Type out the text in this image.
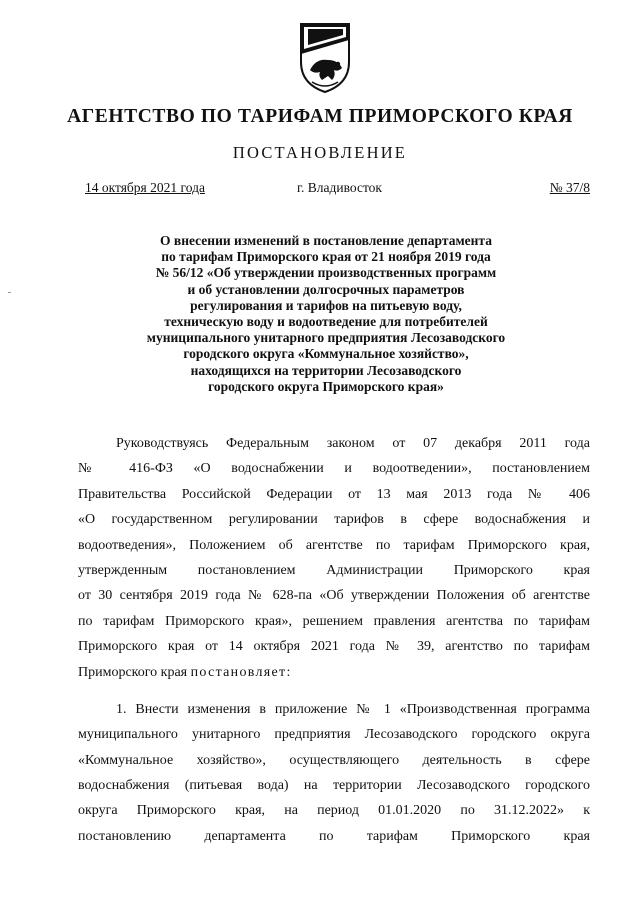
АГЕНТСТВО ПО ТАРИФАМ ПРИМОРСКОГО КРАЯ
ПОСТАНОВЛЕНИЕ
14 октября 2021 года	г. Владивосток	№ 37/8
О внесении изменений в постановление департамента
по тарифам Приморского края от 21 ноября 2019 года
№ 56/12 «Об утверждении производственных программ
и об установлении долгосрочных параметров
регулирования и тарифов на питьевую воду,
техническую воду и водоотведение для потребителей
муниципального унитарного предприятия Лесозаводского
городского округа «Коммунальное хозяйство»,
находящихся на территории Лесозаводского
городского округа Приморского края»
Руководствуясь Федеральным законом от 07 декабря 2011 года
№ 416-ФЗ «О водоснабжении и водоотведении», постановлением
Правительства Российской Федерации от 13 мая 2013 года № 406
«О государственном регулировании тарифов в сфере водоснабжения и
водоотведения», Положением об агентстве по тарифам Приморского края,
утвержденным постановлением Администрации Приморского края
от 30 сентября 2019 года № 628-па «Об утверждении Положения об агентстве
по тарифам Приморского края», решением правления агентства по тарифам
Приморского края от 14 октября 2021 года № 39, агентство по тарифам
Приморского края постановляет:
1. Внести изменения в приложение № 1 «Производственная программа
муниципального унитарного предприятия Лесозаводского городского округа
«Коммунальное хозяйство», осуществляющего деятельность в сфере
водоснабжения (питьевая вода) на территории Лесозаводского городского
округа Приморского края, на период 01.01.2020 по 31.12.2022» к
постановлению департамента по тарифам Приморского края
